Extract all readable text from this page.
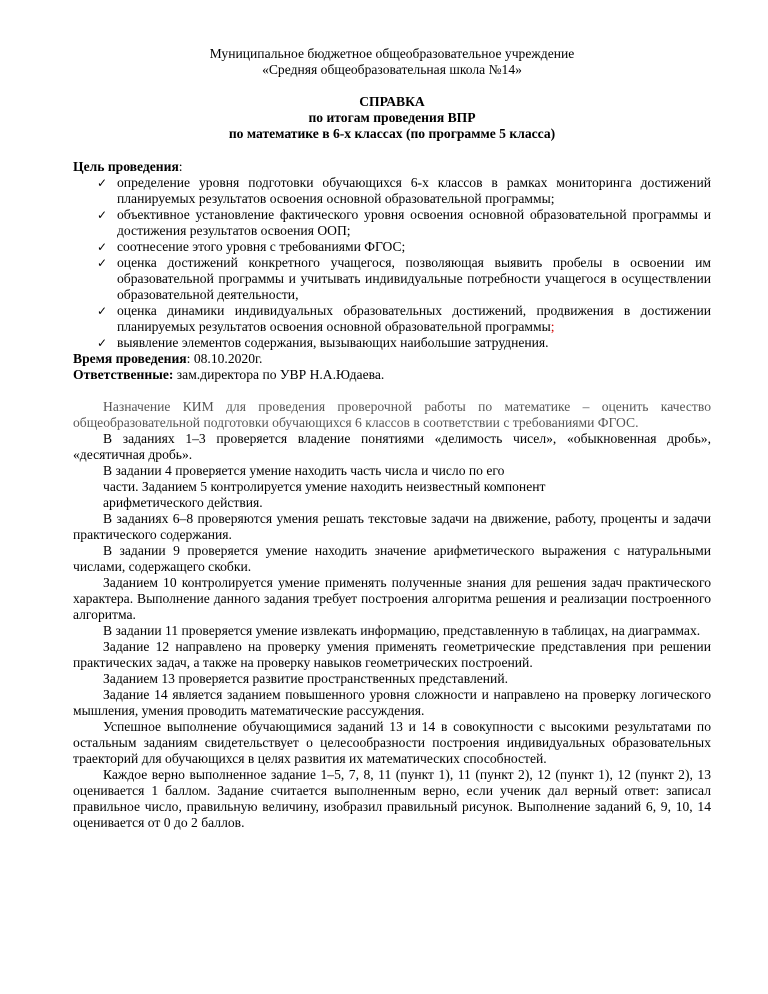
Муниципальное бюджетное общеобразовательное учреждение
«Средняя общеобразовательная школа №14»
СПРАВКА
по итогам проведения ВПР
по математике в 6-х классах (по программе 5 класса)
Цель проведения:
✓ определение уровня подготовки обучающихся 6-х классов в рамках мониторинга достижений планируемых результатов освоения основной образовательной программы;
✓ объективное установление фактического уровня освоения основной образовательной программы и достижения результатов освоения ООП;
✓ соотнесение этого уровня с требованиями ФГОС;
✓ оценка достижений конкретного учащегося, позволяющая выявить пробелы в освоении им образовательной программы и учитывать индивидуальные потребности учащегося в осуществлении образовательной деятельности,
✓ оценка динамики индивидуальных образовательных достижений, продвижения в достижении планируемых результатов освоения основной образовательной программы;
✓ выявление элементов содержания, вызывающих наибольшие затруднения.
Время проведения: 08.10.2020г.
Ответственные: зам.директора по УВР Н.А.Юдаева.

Назначение КИМ для проведения проверочной работы по математике – оценить качество общеобразовательной подготовки обучающихся 6 классов в соответствии с требованиями ФГОС.

В заданиях 1–3 проверяется владение понятиями «делимость чисел», «обыкновенная дробь», «десятичная дробь».

В задании 4 проверяется умение находить часть числа и число по его
части. Заданием 5 контролируется умение находить неизвестный компонент
арифметического действия.

В заданиях 6–8 проверяются умения решать текстовые задачи на движение, работу, проценты и задачи практического содержания.

В задании 9 проверяется умение находить значение арифметического выражения с натуральными числами, содержащего скобки.

Заданием 10 контролируется умение применять полученные знания для решения задач практического характера. Выполнение данного задания требует построения алгоритма решения и реализации построенного алгоритма.

В задании 11 проверяется умение извлекать информацию, представленную в таблицах, на диаграммах.

Задание 12 направлено на проверку умения применять геометрические представления при решении практических задач, а также на проверку навыков геометрических построений.

Заданием 13 проверяется развитие пространственных представлений.

Задание 14 является заданием повышенного уровня сложности и направлено на проверку логического мышления, умения проводить математические рассуждения.

Успешное выполнение обучающимися заданий 13 и 14 в совокупности с высокими результатами по остальным заданиям свидетельствует о целесообразности построения индивидуальных образовательных траекторий для обучающихся в целях развития их математических способностей.

Каждое верно выполненное задание 1–5, 7, 8, 11 (пункт 1), 11 (пункт 2), 12 (пункт 1), 12 (пункт 2), 13 оценивается 1 баллом. Задание считается выполненным верно, если ученик дал верный ответ: записал правильное число, правильную величину, изобразил правильный рисунок. Выполнение заданий 6, 9, 10, 14 оценивается от 0 до 2 баллов.
